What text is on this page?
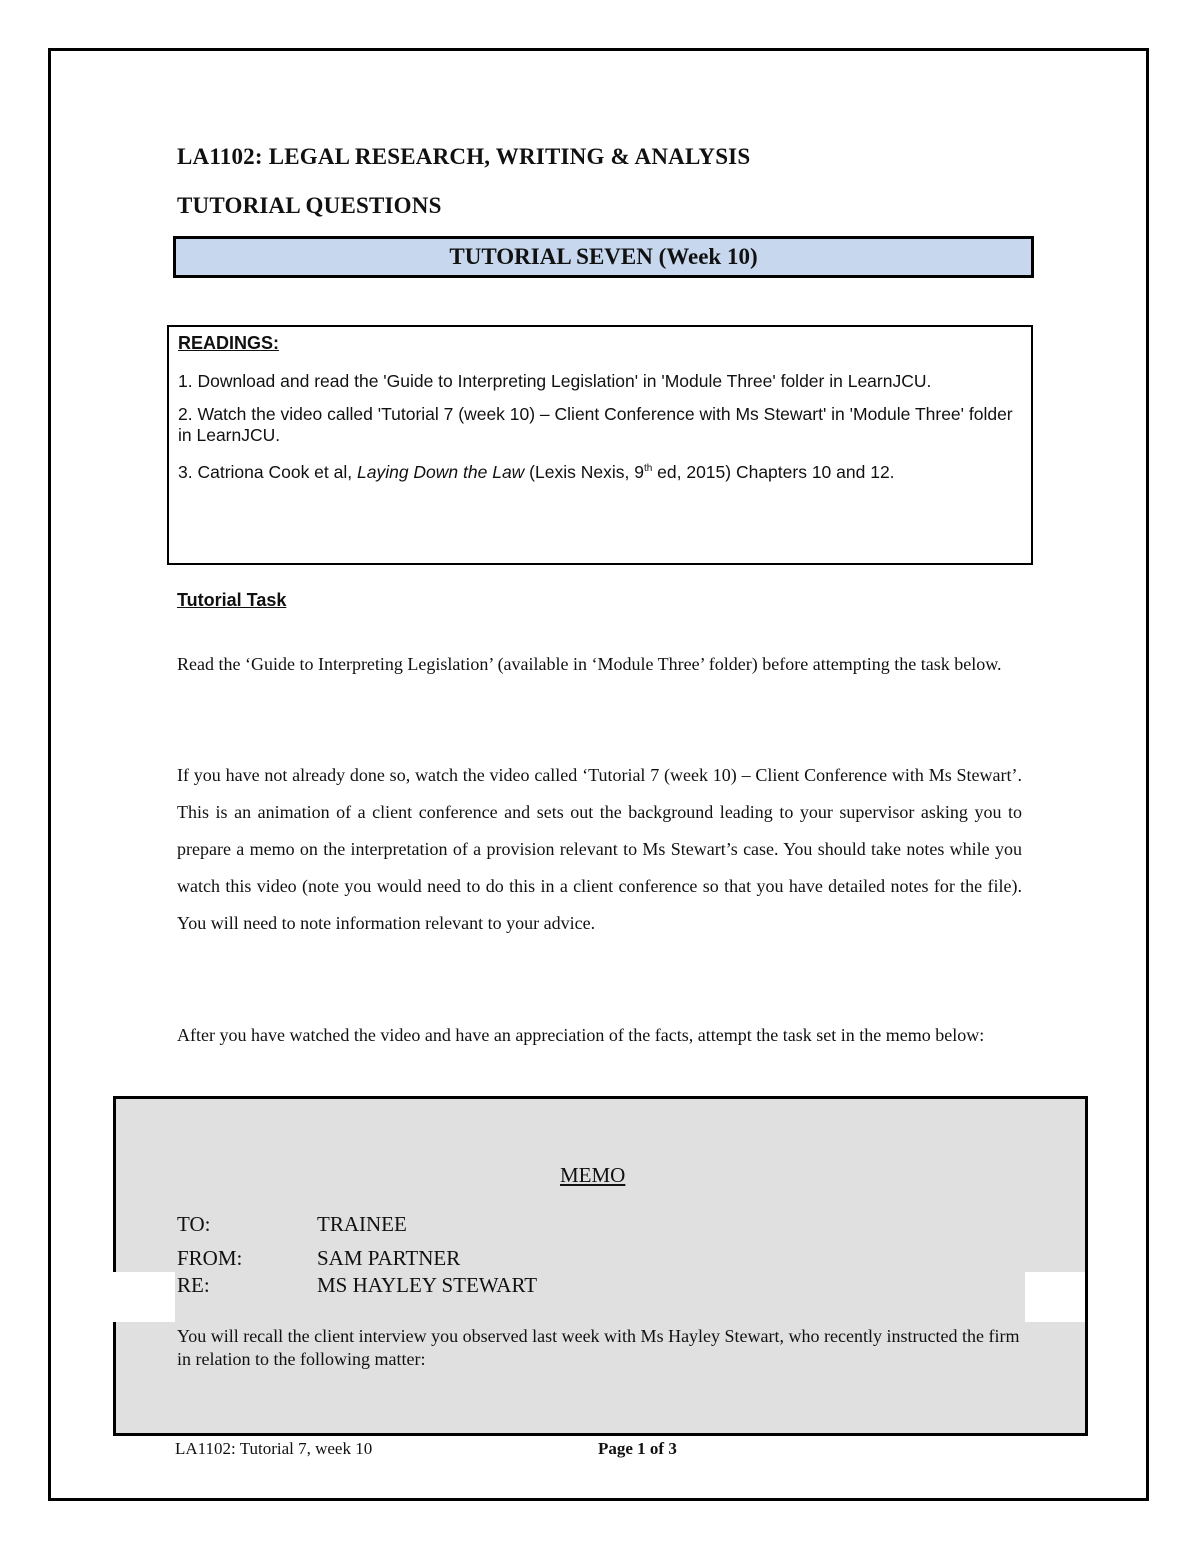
LA1102: LEGAL RESEARCH, WRITING & ANALYSIS
TUTORIAL QUESTIONS
TUTORIAL SEVEN (Week 10)
READINGS:

1. Download and read the 'Guide to Interpreting Legislation' in 'Module Three' folder in LearnJCU.

2. Watch the video called 'Tutorial 7 (week 10) – Client Conference with Ms Stewart' in 'Module Three' folder in LearnJCU.

3. Catriona Cook et al, Laying Down the Law (Lexis Nexis, 9th ed, 2015) Chapters 10 and 12.

Tutorial Task
Read the ‘Guide to Interpreting Legislation’ (available in ‘Module Three’ folder) before attempting the task below.
If you have not already done so, watch the video called ‘Tutorial 7 (week 10) – Client Conference with Ms Stewart’. This is an animation of a client conference and sets out the background leading to your supervisor asking you to prepare a memo on the interpretation of a provision relevant to Ms Stewart’s case. You should take notes while you watch this video (note you would need to do this in a client conference so that you have detailed notes for the file). You will need to note information relevant to your advice.
After you have watched the video and have an appreciation of the facts, attempt the task set in the memo below:
MEMO
TO:	TRAINEE
FROM:	SAM PARTNER
RE:	MS HAYLEY STEWART
You will recall the client interview you observed last week with Ms Hayley Stewart, who recently instructed the firm in relation to the following matter:
LA1102: Tutorial 7, week 10	Page 1 of 3
